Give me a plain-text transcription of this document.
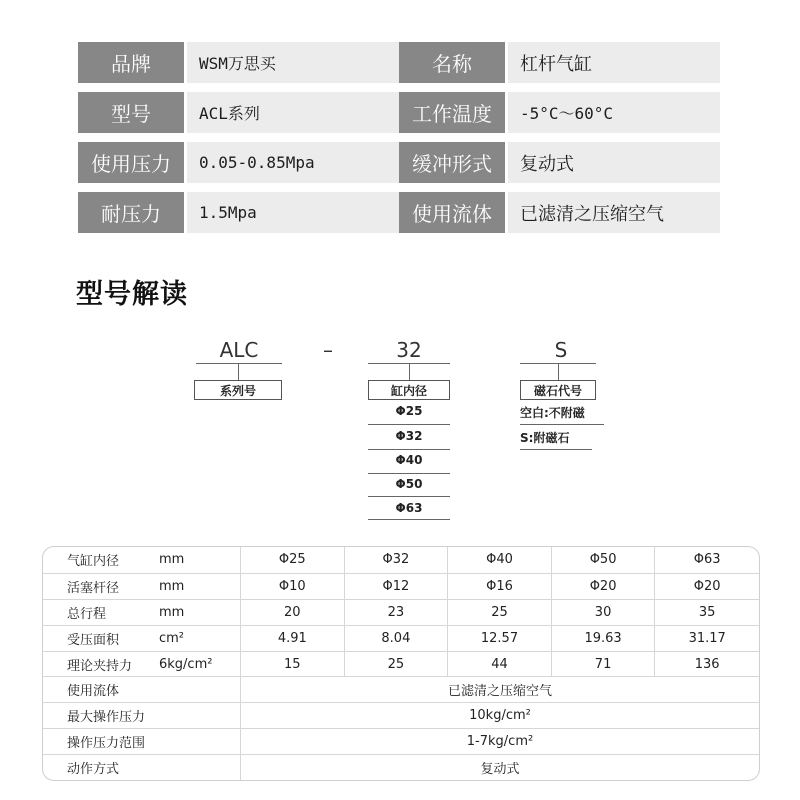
品牌	WSM万思买	名称	杠杆气缸
型号	ACL系列	工作温度	-5°C～60°C
使用压力	0.05-0.85Mpa	缓冲形式	复动式
耐压力	1.5Mpa	使用流体	已滤清之压缩空气
型号解读
ALC
系列号
–	32
缸内径
Φ25
Φ32
Φ40
Φ50
Φ63
S
磁石代号
空白:不附磁
S:附磁石
气缸内径	mm	Φ25	Φ32	Φ40	Φ50	Φ63
活塞杆径	mm	Φ10	Φ12	Φ16	Φ20	Φ20
总行程	mm	20	23	25	30	35
受压面积	cm²	4.91	8.04	12.57	19.63	31.17
理论夹持力	6kg/cm²	15	25	44	71	136
使用流体	已滤清之压缩空气
最大操作压力	10kg/cm²
操作压力范围	1-7kg/cm²
动作方式	复动式
